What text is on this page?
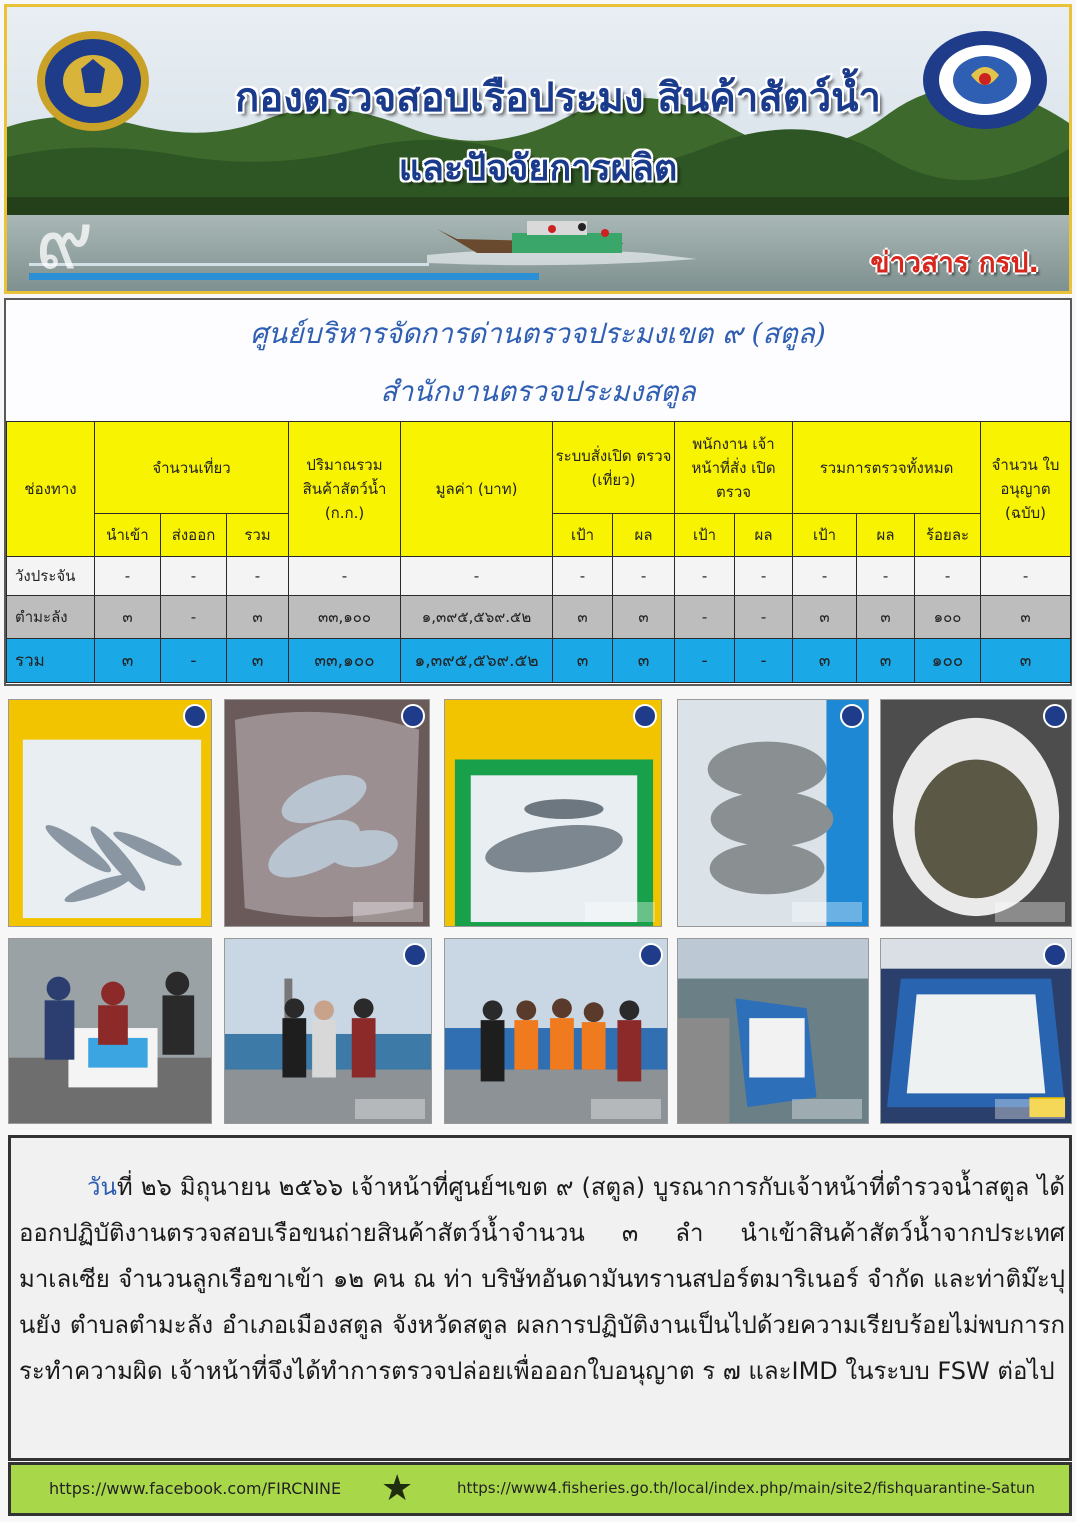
๙
กองตรวจสอบเรือประมง สินค้าสัตว์น้ำ
และปัจจัยการผลิต
ข่าวสาร กรป.
ศูนย์บริหารจัดการด่านตรวจประมงเขต ๙ (สตูล)
สำนักงานตรวจประมงสตูล
ช่องทาง	จำนวนเที่ยว			ปริมาณรวม สินค้าสัตว์น้ำ (ก.ก.)	มูลค่า (บาท)	ระบบสั่งเปิด ตรวจ (เที่ยว)		พนักงาน เจ้าหน้าที่สั่ง เปิดตรวจ		รวมการตรวจทั้งหมด			จำนวน ใบอนุญาต (ฉบับ)
	นำเข้า	ส่งออก	รวม			เป้า	ผล	เป้า	ผล	เป้า	ผล	ร้อยละ	
วังประจัน	-	-	-	-	-	-	-	-	-	-	-	-	-
ตำมะลัง	๓	-	๓	๓๓,๑๐๐	๑,๓๙๕,๕๖๙.๕๒	๓	๓	-	-	๓	๓	๑๐๐	๓
รวม	๓	-	๓	๓๓,๑๐๐	๑,๓๙๕,๕๖๙.๕๒	๓	๓	-	-	๓	๓	๑๐๐	๓

วันที่ ๒๖ มิถุนายน ๒๕๖๖ เจ้าหน้าที่ศูนย์ฯเขต ๙ (สตูล) บูรณาการกับเจ้าหน้าที่ตำรวจน้ำสตูล ได้ออกปฏิบัติงานตรวจสอบเรือขนถ่ายสินค้าสัตว์น้ำจำนวน ๓ ลำ นำเข้าสินค้าสัตว์น้ำจากประเทศมาเลเซีย จำนวนลูกเรือขาเข้า ๑๒ คน ณ ท่า บริษัทอันดามันทรานสปอร์ตมาริเนอร์ จำกัด และท่าติม๊ะปุนยัง ตำบลตำมะลัง อำเภอเมืองสตูล จังหวัดสตูล ผลการปฏิบัติงานเป็นไปด้วยความเรียบร้อยไม่พบการกระทำความผิด เจ้าหน้าที่จึงได้ทำการตรวจปล่อยเพื่อออกใบอนุญาต ร ๗ และIMD ในระบบ FSW ต่อไป

https://www.facebook.com/FIRCNINE ★	https://www4.fisheries.go.th/local/index.php/main/site2/fishquarantine-Satun
